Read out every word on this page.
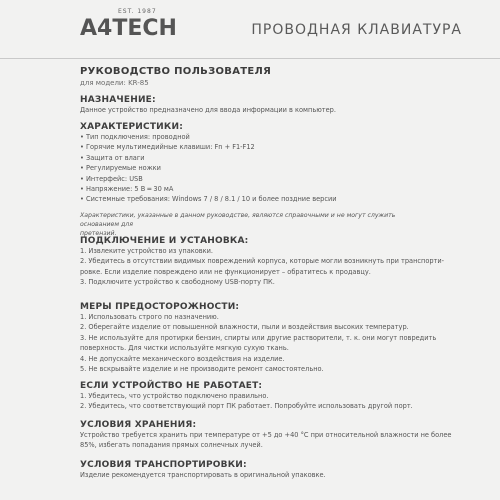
EST. 1987
A4TECH	ПРОВОДНАЯ КЛАВИАТУРА
РУКОВОДСТВО ПОЛЬЗОВАТЕЛЯ
для модели: KR-85
НАЗНАЧЕНИЕ:
Данное устройство предназначено для ввода информации в компьютер.
ХАРАКТЕРИСТИКИ:
• Тип подключения: проводной
• Горячие мультимедийные клавиши: Fn + F1-F12
• Защита от влаги
• Регулируемые ножки
• Интерфейс: USB
• Напряжение: 5 В ═ 30 мА
• Системные требования: Windows 7 / 8 / 8.1 / 10 и более поздние версии
Характеристики, указанные в данном руководстве, являются справочными и не могут служить основанием для
претензий.
ПОДКЛЮЧЕНИЕ И УСТАНОВКА:
1. Извлеките устройство из упаковки.
2. Убедитесь в отсутствии видимых повреждений корпуса, которые могли возникнуть при транспорти-
ровке. Если изделие повреждено или не функционирует – обратитесь к продавцу.
3. Подключите устройство к свободному USB-порту ПК.
МЕРЫ ПРЕДОСТОРОЖНОСТИ:
1. Использовать строго по назначению.
2. Оберегайте изделие от повышенной влажности, пыли и воздействия высоких температур.
3. Не используйте для протирки бензин, спирты или другие растворители, т. к. они могут повредить
поверхность. Для чистки используйте мягкую сухую ткань.
4. Не допускайте механического воздействия на изделие.
5. Не вскрывайте изделие и не производите ремонт самостоятельно.
ЕСЛИ УСТРОЙСТВО НЕ РАБОТАЕТ:
1. Убедитесь, что устройство подключено правильно.
2. Убедитесь, что соответствующий порт ПК работает. Попробуйте использовать другой порт.
УСЛОВИЯ ХРАНЕНИЯ:
Устройство требуется хранить при температуре от +5 до +40 °С при относительной влажности не более
85%, избегать попадания прямых солнечных лучей.
УСЛОВИЯ ТРАНСПОРТИРОВКИ:
Изделие рекомендуется транспортировать в оригинальной упаковке.
